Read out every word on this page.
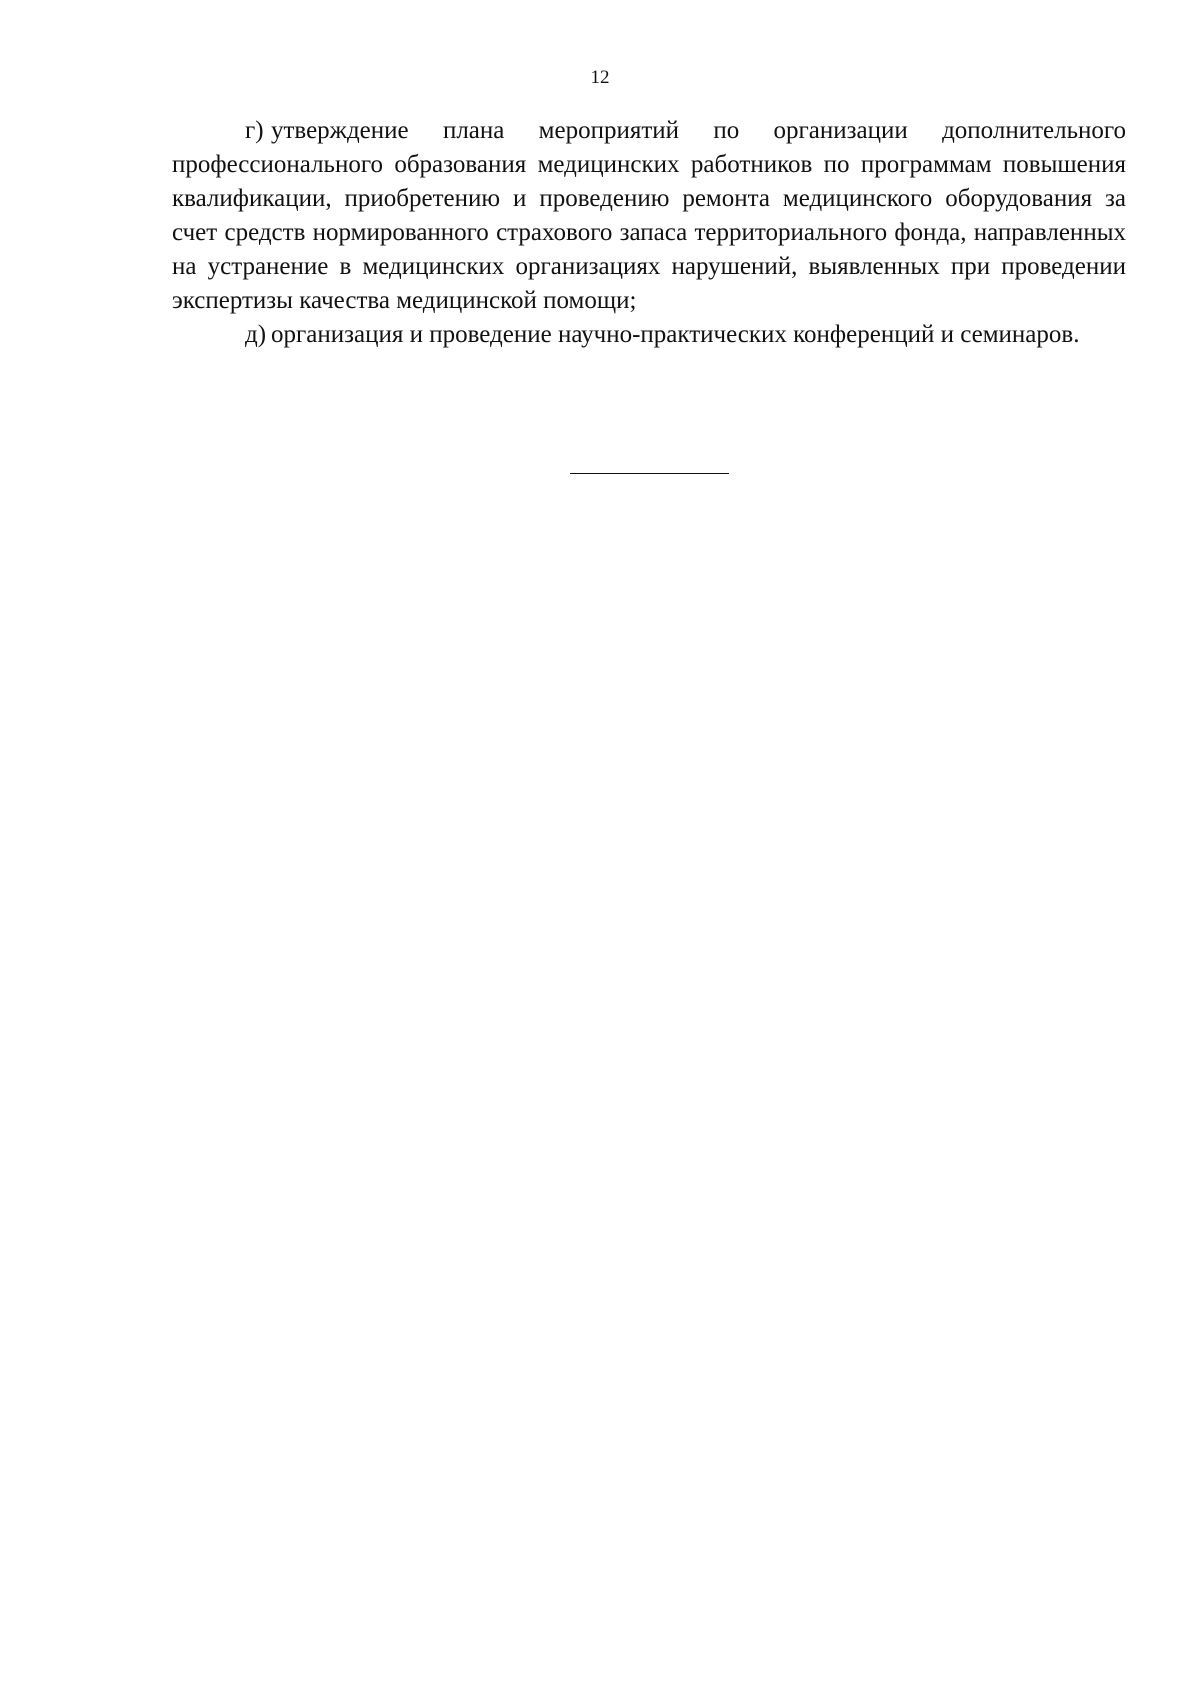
12

г) утверждение плана мероприятий по организации дополнительного профессионального образования медицинских работников по программам повышения квалификации, приобретению и проведению ремонта медицинского оборудования за счет средств нормированного страхового запаса территориального фонда, направленных на устранение в медицинских организациях нарушений, выявленных при проведении экспертизы качества медицинской помощи;

д) организация и проведение научно-практических конференций и семинаров.
